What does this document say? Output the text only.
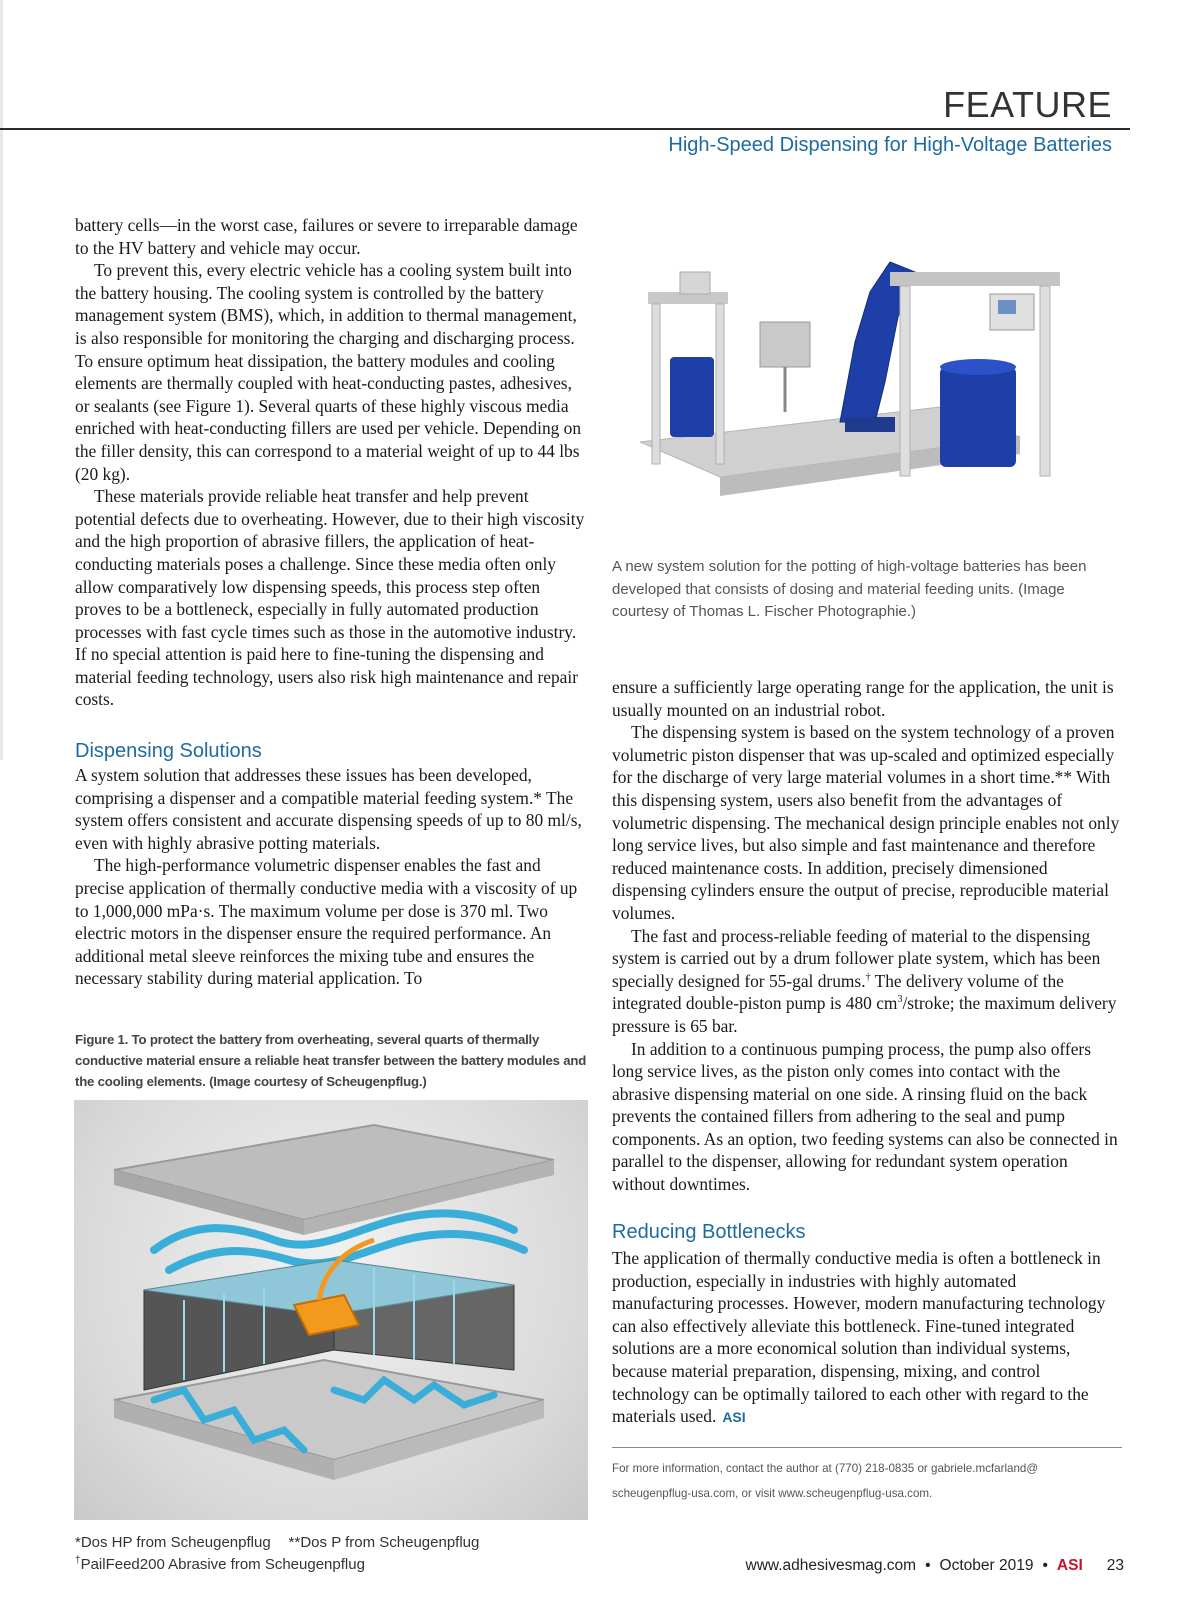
FEATURE
High-Speed Dispensing for High-Voltage Batteries

battery cells—in the worst case, failures or severe to irreparable damage to the HV battery and vehicle may occur.

To prevent this, every electric vehicle has a cooling system built into the battery housing. The cooling system is controlled by the battery management system (BMS), which, in addition to thermal management, is also responsible for monitoring the charging and discharging process. To ensure optimum heat dissipation, the battery modules and cooling elements are thermally coupled with heat-conducting pastes, adhesives, or sealants (see Figure 1). Several quarts of these highly viscous media enriched with heat-conducting fillers are used per vehicle. Depending on the filler density, this can correspond to a material weight of up to 44 lbs (20 kg).

These materials provide reliable heat transfer and help prevent potential defects due to overheating. However, due to their high viscosity and the high proportion of abrasive fillers, the application of heat-conducting materials poses a challenge. Since these media often only allow comparatively low dispensing speeds, this process step often proves to be a bottleneck, especially in fully automated production processes with fast cycle times such as those in the automotive industry. If no special attention is paid here to fine-tuning the dispensing and material feeding technology, users also risk high maintenance and repair costs.

Dispensing Solutions

A system solution that addresses these issues has been developed, comprising a dispenser and a compatible material feeding system.* The system offers consistent and accurate dispensing speeds of up to 80 ml/s, even with highly abrasive potting materials.

The high-performance volumetric dispenser enables the fast and precise application of thermally conductive media with a viscosity of up to 1,000,000 mPa·s. The maximum volume per dose is 370 ml. Two electric motors in the dispenser ensure the required performance. An additional metal sleeve reinforces the mixing tube and ensures the necessary stability during material application. To

Figure 1. To protect the battery from overheating, several quarts of thermally conductive material ensure a reliable heat transfer between the battery modules and the cooling elements. (Image courtesy of Scheugenpflug.)
A new system solution for the potting of high-voltage batteries has been developed that consists of dosing and material feeding units. (Image courtesy of Thomas L. Fischer Photographie.)

ensure a sufficiently large operating range for the application, the unit is usually mounted on an industrial robot.

The dispensing system is based on the system technology of a proven volumetric piston dispenser that was up-scaled and optimized especially for the discharge of very large material volumes in a short time.** With this dispensing system, users also benefit from the advantages of volumetric dispensing. The mechanical design principle enables not only long service lives, but also simple and fast maintenance and therefore reduced maintenance costs. In addition, precisely dimensioned dispensing cylinders ensure the output of precise, reproducible material volumes.

The fast and process-reliable feeding of material to the dispensing system is carried out by a drum follower plate system, which has been specially designed for 55-gal drums.† The delivery volume of the integrated double-piston pump is 480 $cm^3$/stroke; the maximum delivery pressure is 65 bar.

In addition to a continuous pumping process, the pump also offers long service lives, as the piston only comes into contact with the abrasive dispensing material on one side. A rinsing fluid on the back prevents the contained fillers from adhering to the seal and pump components. As an option, two feeding systems can also be connected in parallel to the dispenser, allowing for redundant system operation without downtimes.

Reducing Bottlenecks

The application of thermally conductive media is often a bottleneck in production, especially in industries with highly automated manufacturing processes. However, modern manufacturing technology can also effectively alleviate this bottleneck. Fine-tuned integrated solutions are a more economical solution than individual systems, because material preparation, dispensing, mixing, and control technology can be optimally tailored to each other with regard to the materials used. ASI

For more information, contact the author at (770) 218-0835 or gabriele.mcfarland@
scheugenpflug-usa.com, or visit www.scheugenpflug-usa.com.
*Dos HP from Scheugenpflug **Dos P from Scheugenpflug
†PailFeed200 Abrasive from Scheugenpflug	www.adhesivesmag.com • October 2019 • ASI 23
